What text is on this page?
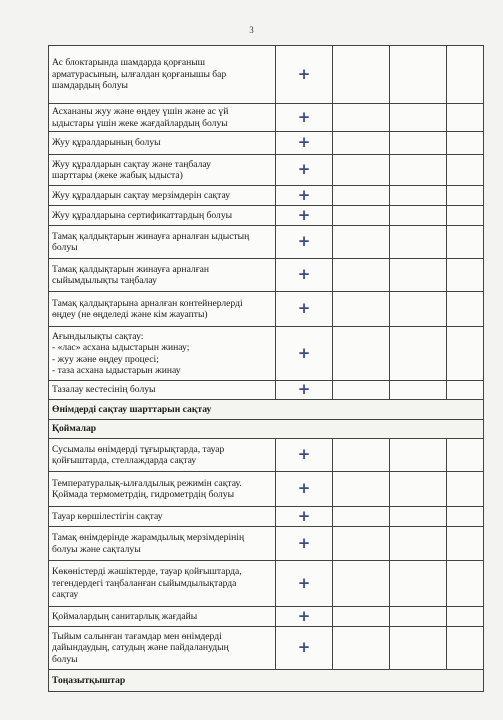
3
Ас блоктарында шамдарда қорғаныш
арматурасының, ылғалдан қорғанышы бар
шамдардың болуы	+			

Асхананы жуу және өңдеу үшін және ас үй
ыдыстары үшін жеке жағдайлардың болуы	+			

Жуу құралдарының болуы	+			

Жуу құралдарын сақтау және таңбалау
шарттары (жеке жабық ыдыста)	+			

Жуу құралдарын сақтау мерзімдерін сақтау	+			

Жуу құралдарына сертификаттардың болуы	+			

Тамақ қалдықтарын жинауға арналған ыдыстың
болуы	+			

Тамақ қалдықтарын жинауға арналған
сыйымдылықты таңбалау	+			

Тамақ қалдықтарына арналған контейнерлерді
өңдеу (не өңделеді және кім жауапты)	+			

Ағындылықты сақтау:
- «лас» асхана ыдыстарын жинау;
- жуу және өңдеу процесі;
- таза асхана ыдыстарын жинау	+			

Тазалау кестесінің болуы	+			
Өнімдерді сақтау шарттарын сақтау				
Қоймалар				

Сусымалы өнімдерді тұғырықтарда, тауар
қойғыштарда, стеллаждарда сақтау	+			

Температуралық-ылғалдылық режимін сақтау.
Қоймада термометрдің, гидрометрдің болуы	+			

Тауар көршілестігін сақтау	+			

Тамақ өнімдерінде жарамдылық мерзімдерінің
болуы және сақталуы	+			

Көкөністерді жәшіктерде, тауар қойғыштарда,
тегендердегі таңбаланған сыйымдылықтарда
сақтау	+			

Қоймалардың санитарлық жағдайы	+			

Тыйым салынған тағамдар мен өнімдерді
дайындаудың, сатудың және пайдаланудың
болуы	+			
Тоңазытқыштар				
